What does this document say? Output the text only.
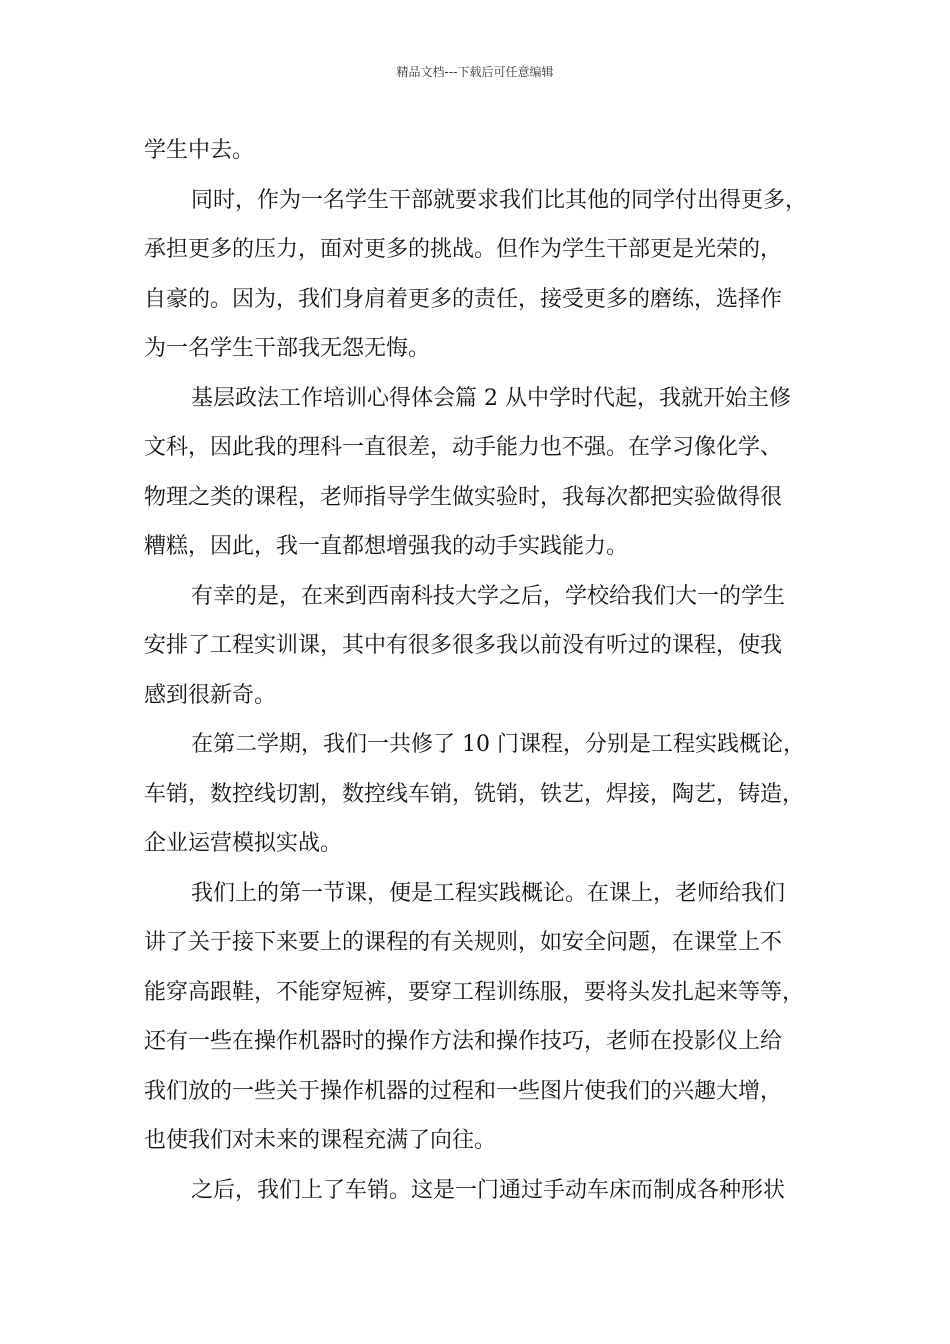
精品文档---下载后可任意编辑

学生中去。

同时，作为一名学生干部就要求我们比其他的同学付出得更多，

承担更多的压力，面对更多的挑战。但作为学生干部更是光荣的，

自豪的。因为，我们身肩着更多的责任，接受更多的磨练，选择作

为一名学生干部我无怨无悔。

基层政法工作培训心得体会篇 2 从中学时代起，我就开始主修

文科，因此我的理科一直很差，动手能力也不强。在学习像化学、

物理之类的课程，老师指导学生做实验时，我每次都把实验做得很

糟糕，因此，我一直都想增强我的动手实践能力。

有幸的是，在来到西南科技大学之后，学校给我们大一的学生

安排了工程实训课，其中有很多很多我以前没有听过的课程，使我

感到很新奇。

在第二学期，我们一共修了 10 门课程，分别是工程实践概论，

车销，数控线切割，数控线车销，铣销，铁艺，焊接，陶艺，铸造，

企业运营模拟实战。

我们上的第一节课，便是工程实践概论。在课上，老师给我们

讲了关于接下来要上的课程的有关规则，如安全问题，在课堂上不

能穿高跟鞋，不能穿短裤，要穿工程训练服，要将头发扎起来等等，

还有一些在操作机器时的操作方法和操作技巧，老师在投影仪上给

我们放的一些关于操作机器的过程和一些图片使我们的兴趣大增，

也使我们对未来的课程充满了向往。

之后，我们上了车销。这是一门通过手动车床而制成各种形状
